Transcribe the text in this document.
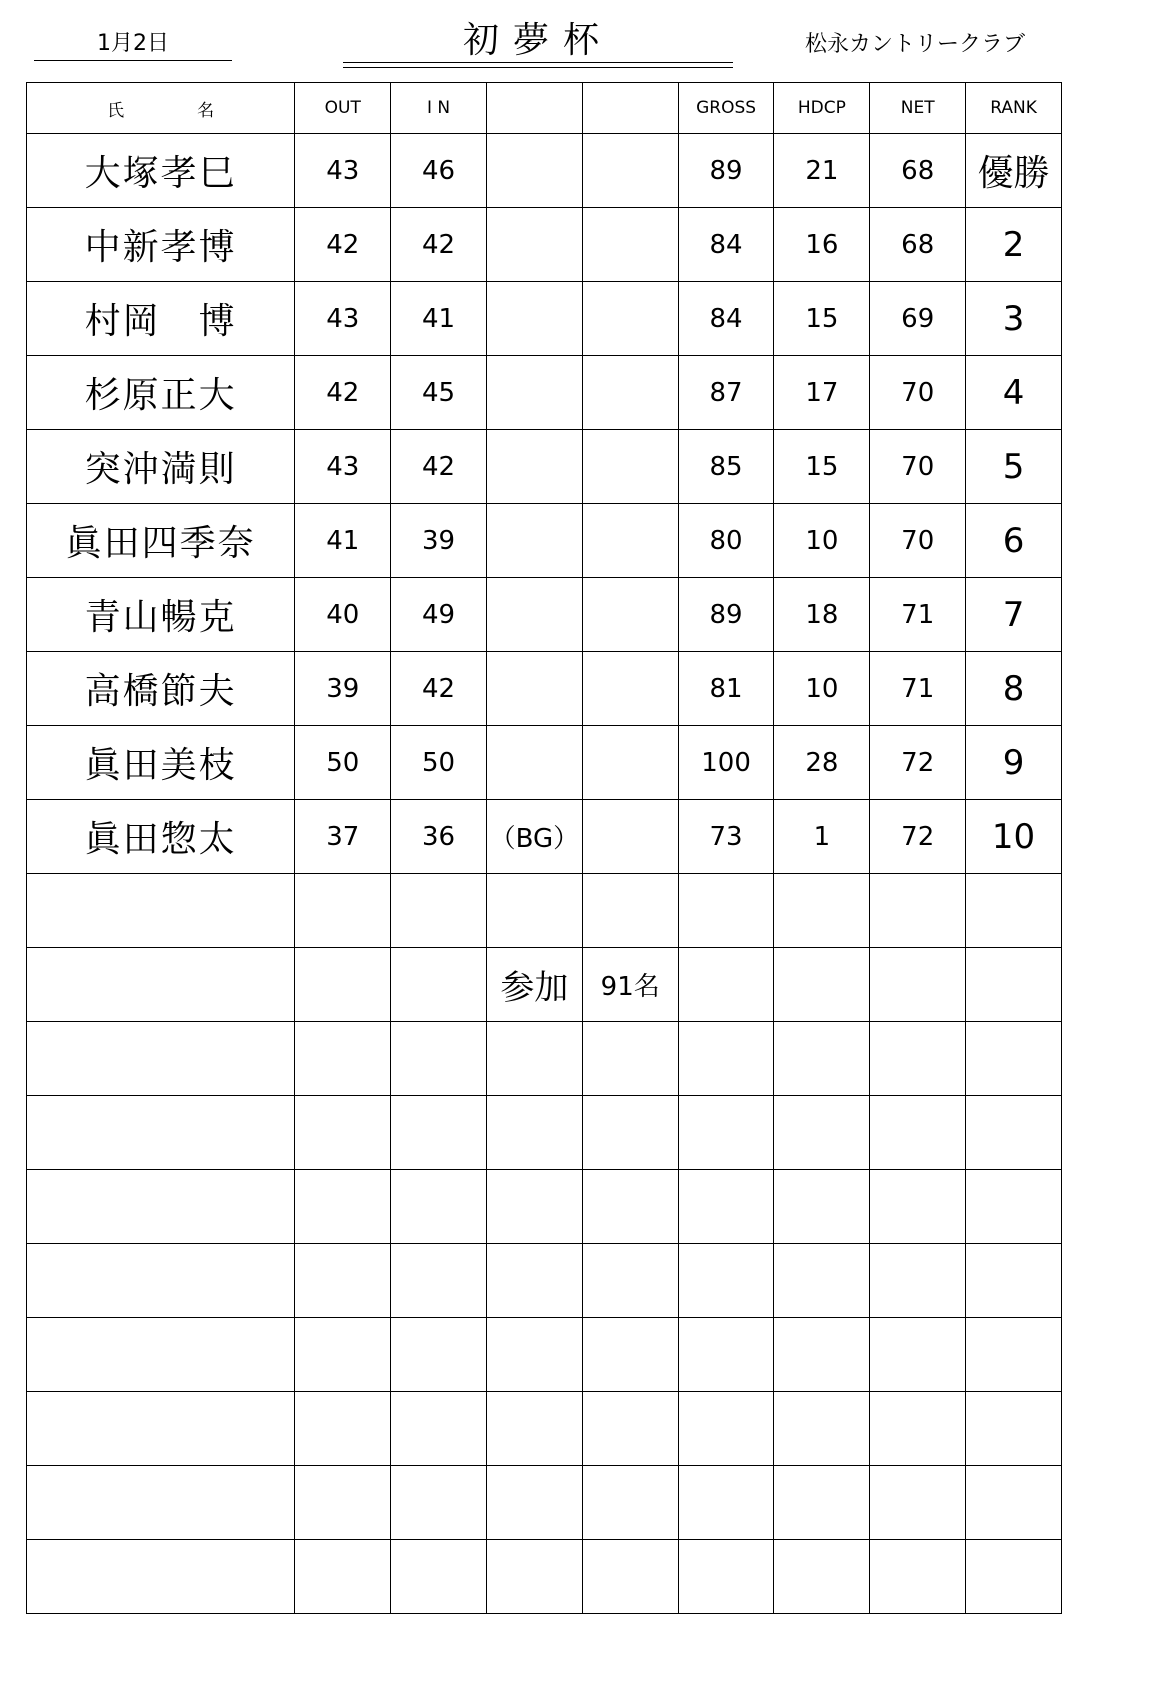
1月2日	初夢杯	松永カントリークラブ
氏　名	OUT	I N			GROSS	HDCP	NET	RANK
大塚孝巳	43	46			89	21	68	優勝
中新孝博	42	42			84	16	68	2
村岡　博	43	41			84	15	69	3
杉原正大	42	45			87	17	70	4
突沖満則	43	42			85	15	70	5
眞田四季奈	41	39			80	10	70	6
青山暢克	40	49			89	18	71	7
高橋節夫	39	42			81	10	71	8
眞田美枝	50	50			100	28	72	9
眞田惣太	37	36	（BG）		73	1	72	10

			参加	91名				
